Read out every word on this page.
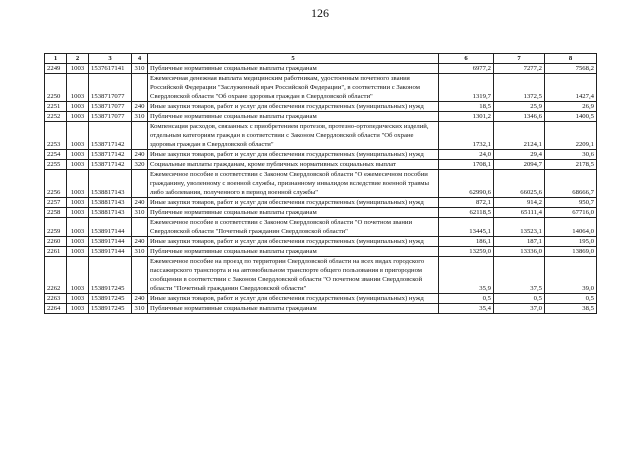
126
1	2	3	4	5	6	7	8
2249	1003	1537617141	310	Публичные нормативные социальные выплаты гражданам	6977,2	7277,2	7568,2
2250	1003	1538717077		Ежемесячная денежная выплата медицинским работникам, удостоенным почетного звания Российской Федерации "Заслуженный врач Российской Федерации", в соответствии с Законом Свердловской области "Об охране здоровья граждан в Свердловской области"	1319,7	1372,5	1427,4
2251	1003	1538717077	240	Иные закупки товаров, работ и услуг для обеспечения государственных (муниципальных) нужд	18,5	25,9	26,9
2252	1003	1538717077	310	Публичные нормативные социальные выплаты гражданам	1301,2	1346,6	1400,5
2253	1003	1538717142		Компенсация расходов, связанных с приобретением протезов, протезно-ортопедических изделий, отдельным категориям граждан в соответствии с Законом Свердловской области "Об охране здоровья граждан в Свердловской области"	1732,1	2124,1	2209,1
2254	1003	1538717142	240	Иные закупки товаров, работ и услуг для обеспечения государственных (муниципальных) нужд	24,0	29,4	30,6
2255	1003	1538717142	320	Социальные выплаты гражданам, кроме публичных нормативных социальных выплат	1708,1	2094,7	2178,5
2256	1003	1538817143		Ежемесячное пособие в соответствии с Законом Свердловской области "О ежемесячном пособии гражданину, уволенному с военной службы, признанному инвалидом вследствие военной травмы либо заболевания, полученного в период военной службы"	62990,6	66025,6	68666,7
2257	1003	1538817143	240	Иные закупки товаров, работ и услуг для обеспечения государственных (муниципальных) нужд	872,1	914,2	950,7
2258	1003	1538817143	310	Публичные нормативные социальные выплаты гражданам	62118,5	65111,4	67716,0
2259	1003	1538917144		Ежемесячное пособие в соответствии с Законом Свердловской области "О почетном звании Свердловской области "Почетный гражданин Свердловской области"	13445,1	13523,1	14064,0
2260	1003	1538917144	240	Иные закупки товаров, работ и услуг для обеспечения государственных (муниципальных) нужд	186,1	187,1	195,0
2261	1003	1538917144	310	Публичные нормативные социальные выплаты гражданам	13259,0	13336,0	13869,0
2262	1003	1538917245		Ежемесячное пособие на проезд по территории Свердловской области на всех видах городского пассажирского транспорта и на автомобильном транспорте общего пользования в пригородном сообщении в соответствии с Законом Свердловской области "О почетном звании Свердловской области "Почетный гражданин Свердловской области"	35,9	37,5	39,0
2263	1003	1538917245	240	Иные закупки товаров, работ и услуг для обеспечения государственных (муниципальных) нужд	0,5	0,5	0,5
2264	1003	1538917245	310	Публичные нормативные социальные выплаты гражданам	35,4	37,0	38,5
